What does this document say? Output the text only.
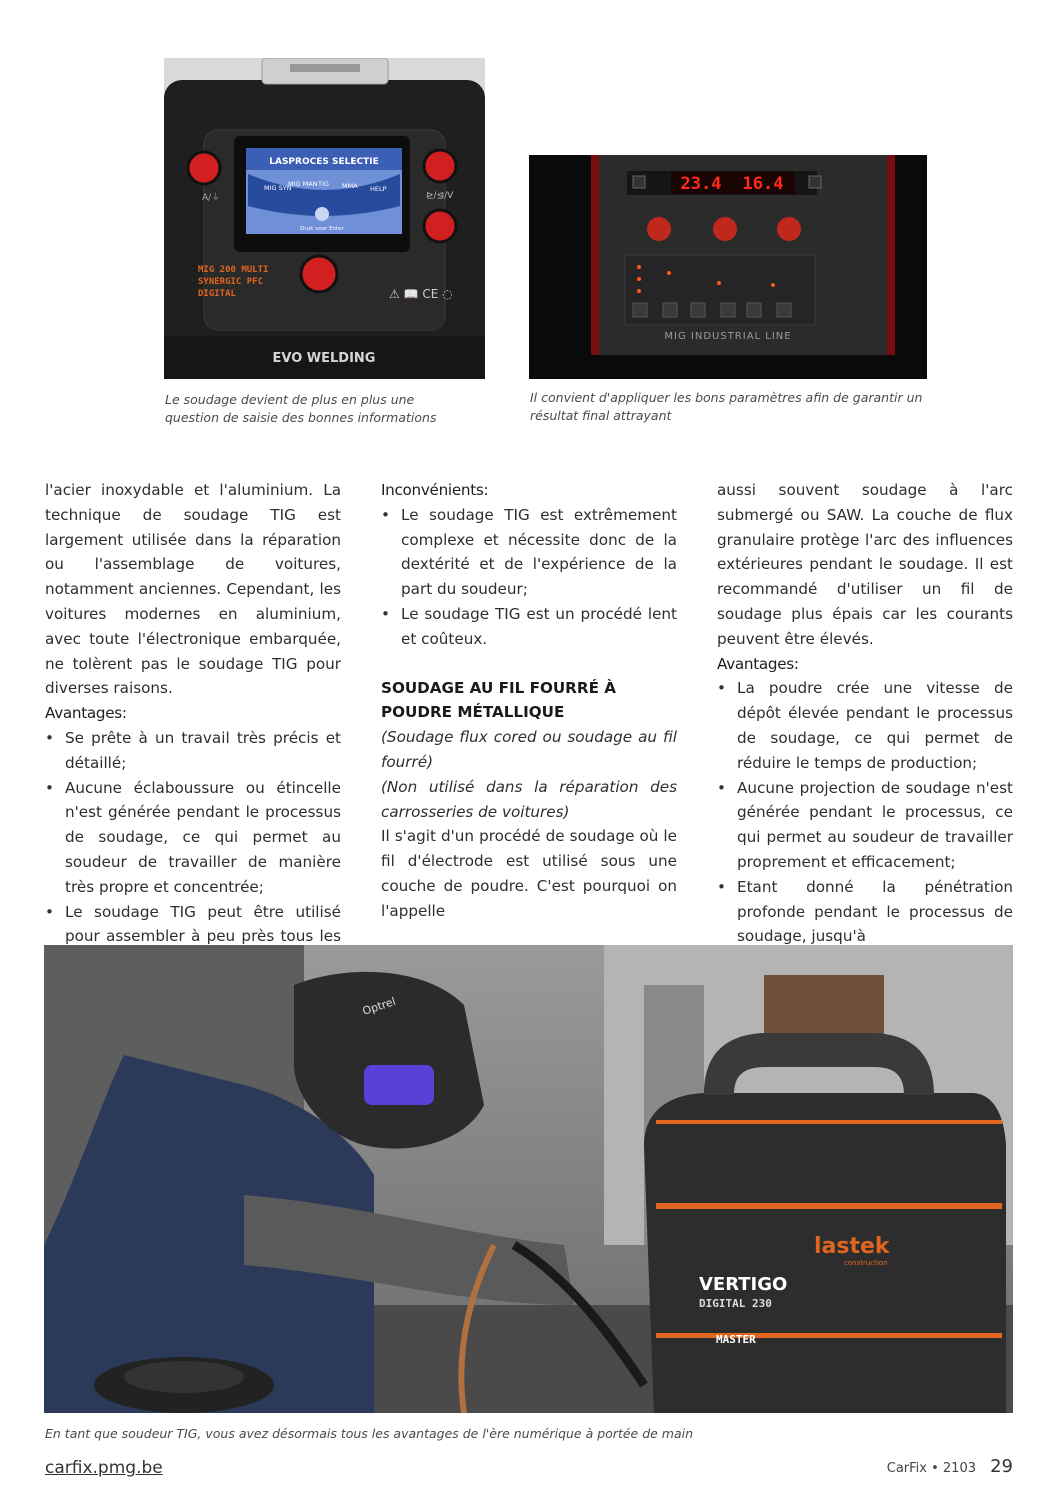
LASPROCES SELECTIE
MIG SYN
MIG MAN TIG MMA HELP
Druk voor Enter
A/⏚	⊵/⊴/V
MIG 200 MULTI SYNERGIC PFC DIGITAL	⚠ 📖 CE ◌
EVO WELDING
Le soudage devient de plus en plus une question de saisie des bonnes informations
23.4 16.4
MIG INDUSTRIAL LINE
Il convient d'appliquer les bons paramètres afin de garantir un résultat final attrayant

l'acier inoxydable et l'aluminium. La technique de soudage TIG est largement utilisée dans la réparation ou l'assemblage de voitures, notamment anciennes. Cependant, les voitures modernes en aluminium, avec toute l'électronique embarquée, ne tolèrent pas le soudage TIG pour diverses raisons.

Avantages:

• Se prête à un travail très précis et détaillé;
• Aucune éclaboussure ou étincelle n'est générée pendant le processus de soudage, ce qui permet au soudeur de travailler de manière très propre et concentrée;
• Le soudage TIG peut être utilisé pour assembler à peu près tous les

Inconvénients:

• Le soudage TIG est extrêmement complexe et nécessite donc de la dextérité et de l'expérience de la part du soudeur;
• Le soudage TIG est un procédé lent et coûteux.
SOUDAGE AU FIL FOURRÉ À POUDRE MÉTALLIQUE

(Soudage flux cored ou soudage au fil fourré)

(Non utilisé dans la réparation des carrosseries de voitures)

Il s'agit d'un procédé de soudage où le fil d'électrode est utilisé sous une couche de poudre. C'est pourquoi on l'appelle

aussi souvent soudage à l'arc submergé ou SAW. La couche de flux granulaire protège l'arc des influences extérieures pendant le soudage. Il est recommandé d'utiliser un fil de soudage plus épais car les courants peuvent être élevés.

Avantages:

• La poudre crée une vitesse de dépôt élevée pendant le processus de soudage, ce qui permet de réduire le temps de production;
• Aucune projection de soudage n'est générée pendant le processus, ce qui permet au soudeur de travailler proprement et efficacement;
• Etant donné la pénétration profonde pendant le processus de soudage, jusqu'à
Optrel
lastek
construction
VERTIGO
DIGITAL 230
MASTER
En tant que soudeur TIG, vous avez désormais tous les avantages de l'ère numérique à portée de main
carfix.pmg.be	CarFix • 2103 29
